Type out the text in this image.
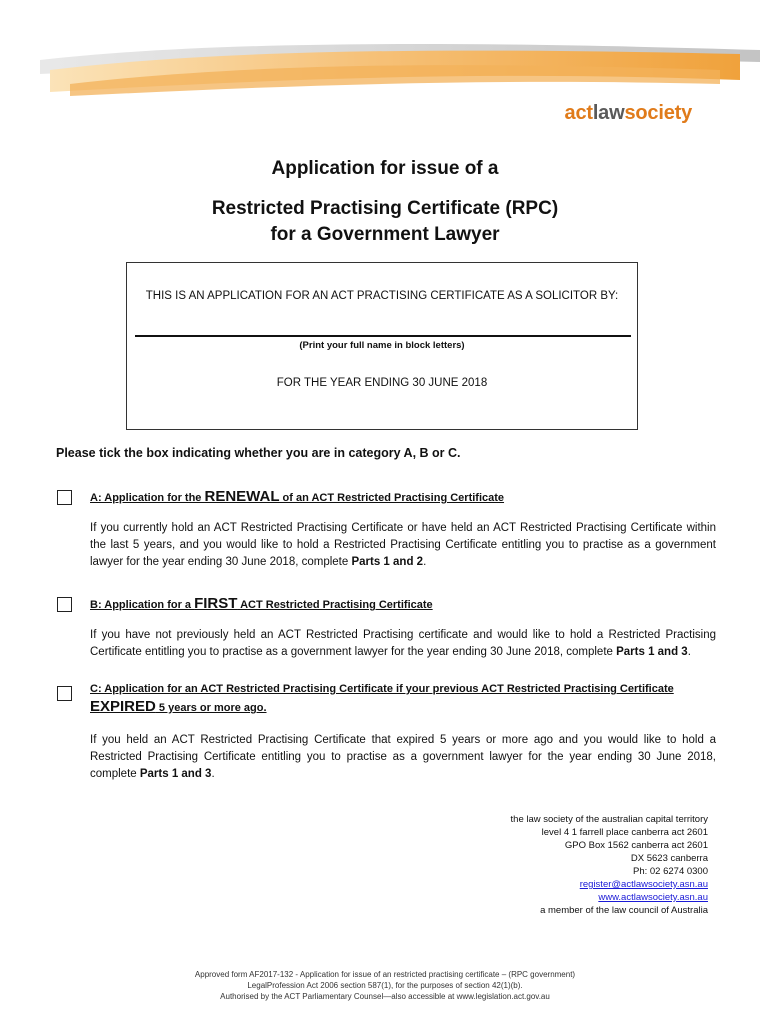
actlawsociety
Application for issue of a
Restricted Practising Certificate (RPC)
for a Government Lawyer
THIS IS AN APPLICATION FOR AN ACT PRACTISING CERTIFICATE AS A SOLICITOR BY:
(Print your full name in block letters)
FOR THE YEAR ENDING 30 JUNE 2018
Please tick the box indicating whether you are in category A, B or C.
A: Application for the RENEWAL of an ACT Restricted Practising Certificate
If you currently hold an ACT Restricted Practising Certificate or have held an ACT Restricted Practising Certificate within the last 5 years, and you would like to hold a Restricted Practising Certificate entitling you to practise as a government lawyer for the year ending 30 June 2018, complete Parts 1 and 2.
B: Application for a FIRST ACT Restricted Practising Certificate
If you have not previously held an ACT Restricted Practising certificate and would like to hold a Restricted Practising Certificate entitling you to practise as a government lawyer for the year ending 30 June 2018, complete Parts 1 and 3.
C: Application for an ACT Restricted Practising Certificate if your previous ACT Restricted Practising Certificate
EXPIRED 5 years or more ago.
If you held an ACT Restricted Practising Certificate that expired 5 years or more ago and you would like to hold a Restricted Practising Certificate entitling you to practise as a government lawyer for the year ending 30 June 2018, complete Parts 1 and 3.
the law society of the australian capital territory
level 4 1 farrell place canberra act 2601
GPO Box 1562 canberra act 2601
DX 5623 canberra
Ph: 02 6274 0300
register@actlawsociety.asn.au
www.actlawsociety.asn.au
a member of the law council of Australia
Approved form AF2017-132 - Application for issue of an restricted practising certificate – (RPC government)
LegalProfession Act 2006 section 587(1), for the purposes of section 42(1)(b).
Authorised by the ACT Parliamentary Counsel—also accessible at www.legislation.act.gov.au
